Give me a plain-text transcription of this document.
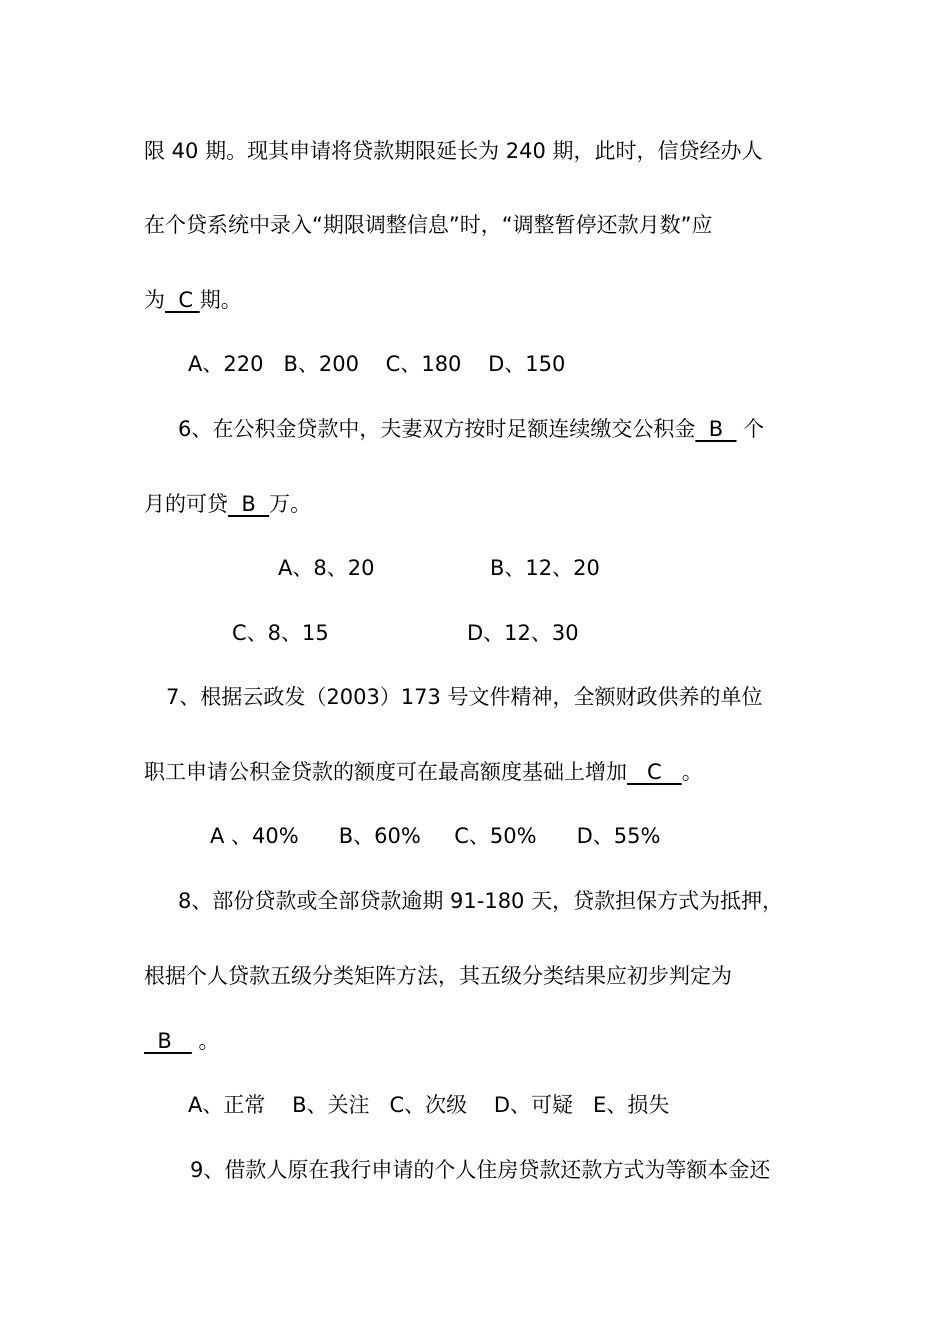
限 40 期。现其申请将贷款期限延长为 240 期，此时，信贷经办人
在个贷系统中录入“期限调整信息”时，“调整暂停还款月数”应
为  C 期。
A、220   B、200    C、180    D、150
6、在公积金贷款中，夫妻双方按时足额连续缴交公积金  B   个
月的可贷  B  万。
A、8、20	B、12、20
C、8、15	D、12、30
7、根据云政发（2003）173 号文件精神，全额财政供养的单位
职工申请公积金贷款的额度可在最高额度基础上增加   C   。
A 、40%      B、60%     C、50%      D、55%
8、部份贷款或全部贷款逾期 91-180 天，贷款担保方式为抵押，
根据个人贷款五级分类矩阵方法，其五级分类结果应初步判定为
B    。
A、正常    B、关注   C、次级    D、可疑   E、损失
9、借款人原在我行申请的个人住房贷款还款方式为等额本金还
